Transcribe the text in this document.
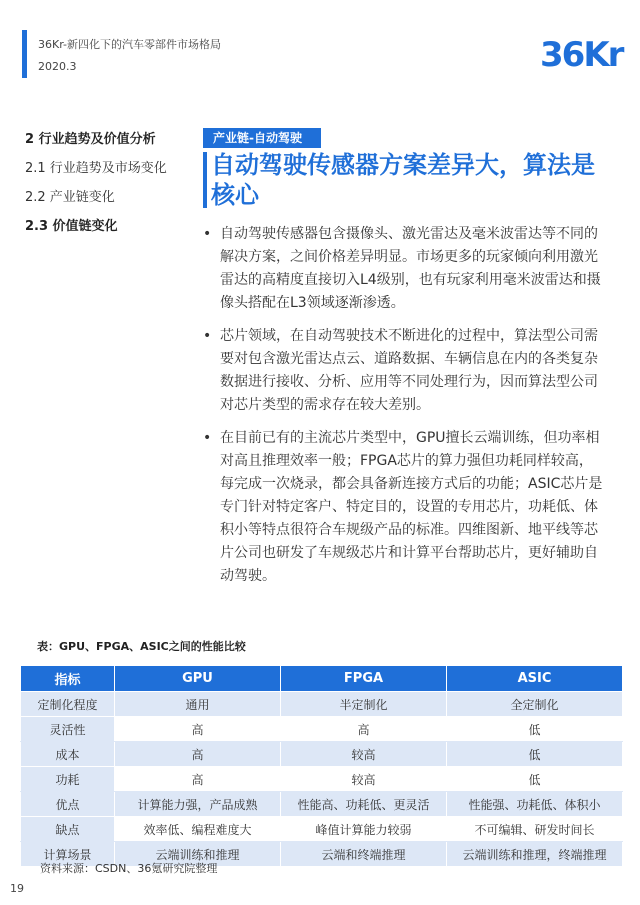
36Kr-新四化下的汽车零部件市场格局
2020.3	36Kr
2 行业趋势及价值分析
2.1 行业趋势及市场变化
2.2 产业链变化
2.3 价值链变化
产业链-自动驾驶
自动驾驶传感器方案差异大，算法是核心
• 自动驾驶传感器包含摄像头、激光雷达及毫米波雷达等不同的解决方案，之间价格差异明显。市场更多的玩家倾向利用激光雷达的高精度直接切入L4级别，也有玩家利用毫米波雷达和摄像头搭配在L3领域逐渐渗透。
• 芯片领域，在自动驾驶技术不断进化的过程中，算法型公司需要对包含激光雷达点云、道路数据、车辆信息在内的各类复杂数据进行接收、分析、应用等不同处理行为，因而算法型公司对芯片类型的需求存在较大差别。
• 在目前已有的主流芯片类型中，GPU擅长云端训练，但功率相对高且推理效率一般；FPGA芯片的算力强但功耗同样较高，每完成一次烧录，都会具备新连接方式后的功能；ASIC芯片是专门针对特定客户、特定目的，设置的专用芯片，功耗低、体积小等特点很符合车规级产品的标准。四维图新、地平线等芯片公司也研发了车规级芯片和计算平台帮助芯片，更好辅助自动驾驶。
表：GPU、FPGA、ASIC之间的性能比较
指标	GPU	FPGA	ASIC
定制化程度	通用	半定制化	全定制化
灵活性	高	高	低
成本	高	较高	低
功耗	高	较高	低
优点	计算能力强，产品成熟	性能高、功耗低、更灵活	性能强、功耗低、体积小
缺点	效率低、编程难度大	峰值计算能力较弱	不可编辑、研发时间长
计算场景	云端训练和推理	云端和终端推理	云端训练和推理，终端推理
资料来源：CSDN、36氪研究院整理
19
